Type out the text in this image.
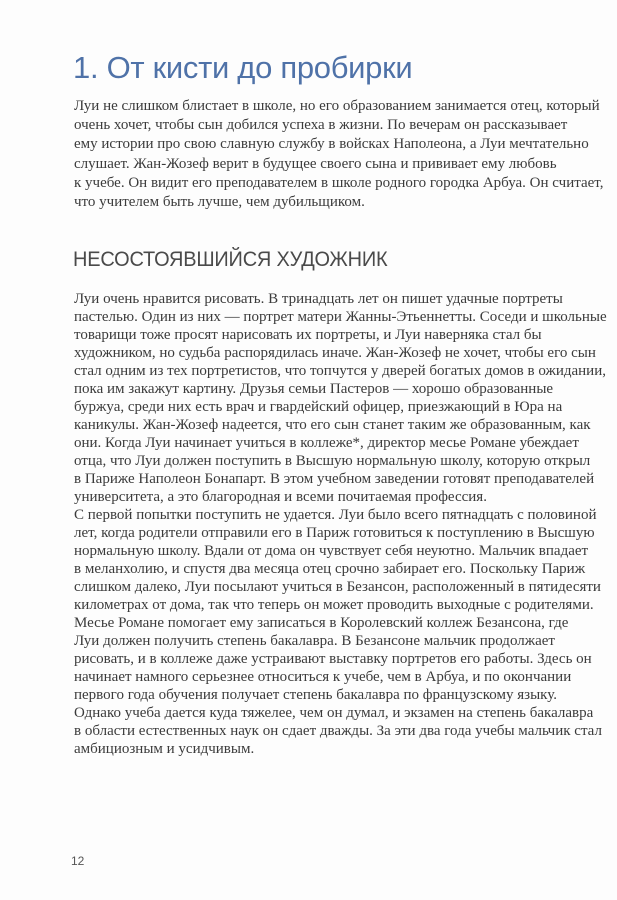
1. От кисти до пробирки
Луи не слишком блистает в школе, но его образованием занимается отец, который
очень хочет, чтобы сын добился успеха в жизни. По вечерам он рассказывает
ему истории про свою славную службу в войсках Наполеона, а Луи мечтательно
слушает. Жан-Жозеф верит в будущее своего сына и прививает ему любовь
к учебе. Он видит его преподавателем в школе родного городка Арбуа. Он считает,
что учителем быть лучше, чем дубильщиком.
НЕСОСТОЯВШИЙСЯ ХУДОЖНИК
Луи очень нравится рисовать. В тринадцать лет он пишет удачные портреты
пастелью. Один из них — портрет матери Жанны-Этьеннетты. Соседи и школьные
товарищи тоже просят нарисовать их портреты, и Луи наверняка стал бы
художником, но судьба распорядилась иначе. Жан-Жозеф не хочет, чтобы его сын
стал одним из тех портретистов, что топчутся у дверей богатых домов в ожидании,
пока им закажут картину. Друзья семьи Пастеров — хорошо образованные
буржуа, среди них есть врач и гвардейский офицер, приезжающий в Юра на
каникулы. Жан-Жозеф надеется, что его сын станет таким же образованным, как
они. Когда Луи начинает учиться в коллеже*, директор месье Романе убеждает
отца, что Луи должен поступить в Высшую нормальную школу, которую открыл
в Париже Наполеон Бонапарт. В этом учебном заведении готовят преподавателей
университета, а это благородная и всеми почитаемая профессия.
С первой попытки поступить не удается. Луи было всего пятнадцать с половиной
лет, когда родители отправили его в Париж готовиться к поступлению в Высшую
нормальную школу. Вдали от дома он чувствует себя неуютно. Мальчик впадает
в меланхолию, и спустя два месяца отец срочно забирает его. Поскольку Париж
слишком далеко, Луи посылают учиться в Безансон, расположенный в пятидесяти
километрах от дома, так что теперь он может проводить выходные с родителями.
Месье Романе помогает ему записаться в Королевский коллеж Безансона, где
Луи должен получить степень бакалавра. В Безансоне мальчик продолжает
рисовать, и в коллеже даже устраивают выставку портретов его работы. Здесь он
начинает намного серьезнее относиться к учебе, чем в Арбуа, и по окончании
первого года обучения получает степень бакалавра по французскому языку.
Однако учеба дается куда тяжелее, чем он думал, и экзамен на степень бакалавра
в области естественных наук он сдает дважды. За эти два года учебы мальчик стал
амбициозным и усидчивым.
12
